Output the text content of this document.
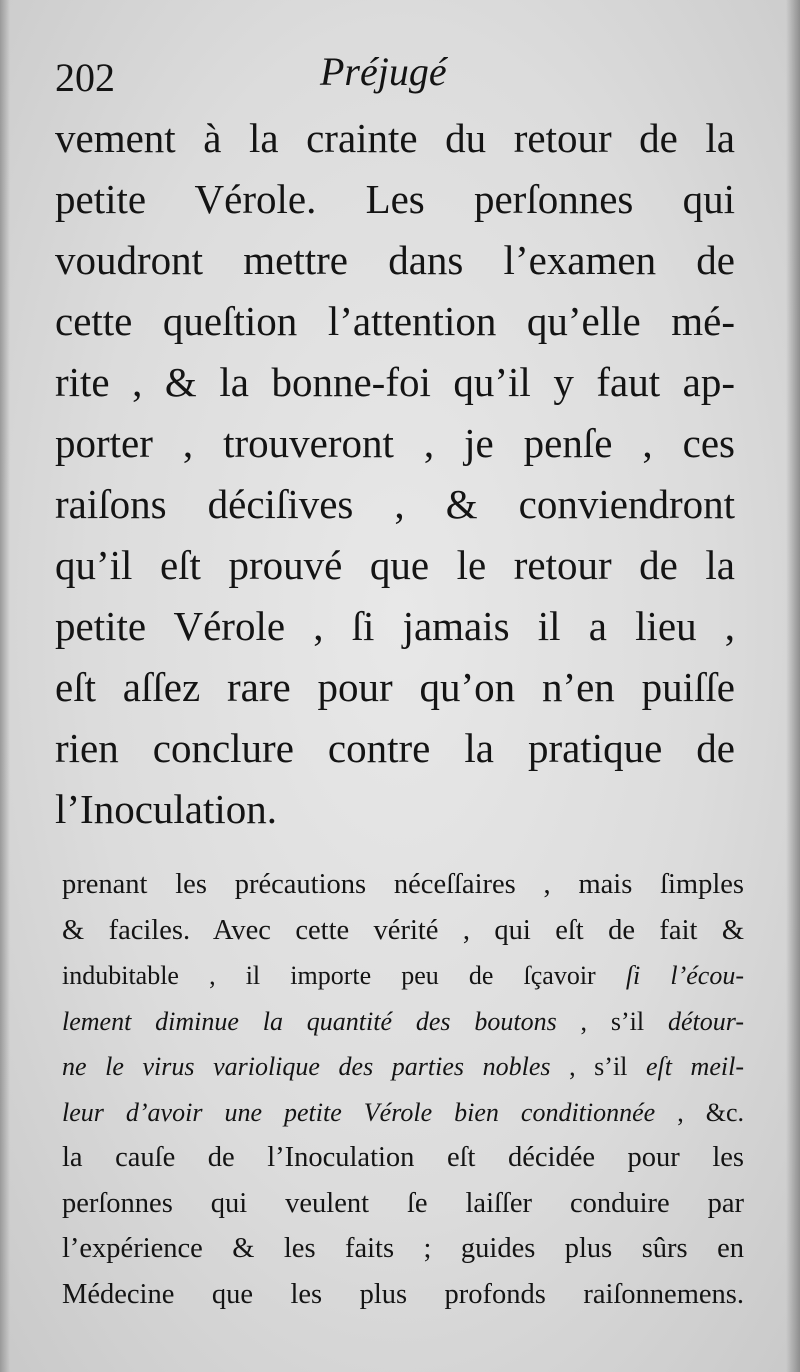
202	Préjugé
vement à la crainte du retour de la
petite Vérole. Les perſonnes qui
voudront mettre dans l’examen de
cette queſtion l’attention qu’elle mé-
rite , & la bonne-foi qu’il y faut ap-
porter , trouveront , je penſe , ces
raiſons déciſives , & conviendront
qu’il eſt prouvé que le retour de la
petite Vérole , ſi jamais il a lieu ,
eſt aſſez rare pour qu’on n’en puiſſe
rien conclure contre la pratique de
l’Inoculation.
prenant les précautions néceſſaires , mais ſimples
& faciles. Avec cette vérité , qui eſt de fait &
indubitable , il importe peu de ſçavoir ſi l’écou-
lement diminue la quantité des boutons , s’il détour-
ne le virus variolique des parties nobles , s’il eſt meil-
leur d’avoir une petite Vérole bien conditionnée , &c.
la cauſe de l’Inoculation eſt décidée pour les
perſonnes qui veulent ſe laiſſer conduire par
l’expérience & les faits ; guides plus sûrs en
Médecine que les plus profonds raiſonnemens.
